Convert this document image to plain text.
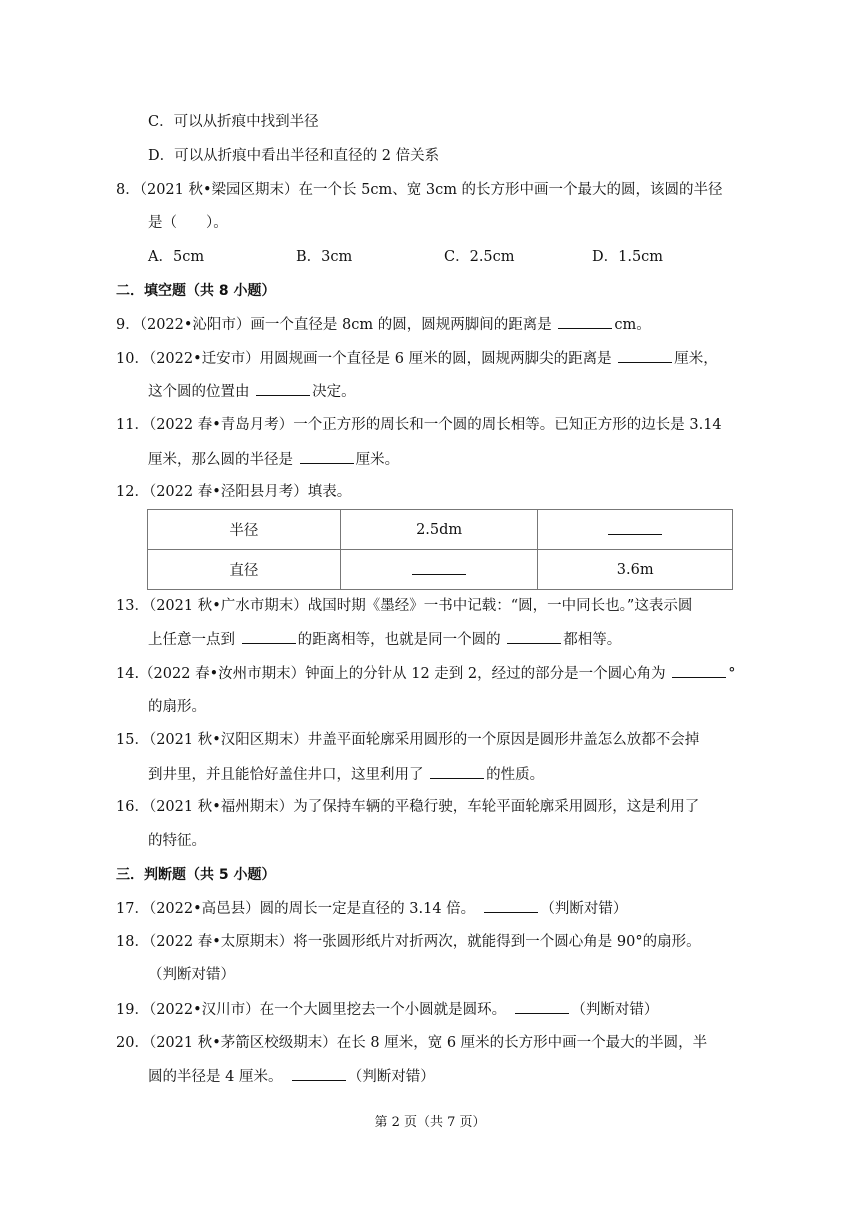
C．可以从折痕中找到半径
D．可以从折痕中看出半径和直径的 2 倍关系
8．（2021 秋•梁园区期末）在一个长 5cm、宽 3cm 的长方形中画一个最大的圆，该圆的半径
是（　　）。
A．5cm	B．3cm	C．2.5cm	D．1.5cm
二．填空题（共 8 小题）
9．（2022•沁阳市）画一个直径是 8cm 的圆，圆规两脚间的距离是	cm。
10．（2022•迁安市）用圆规画一个直径是 6 厘米的圆，圆规两脚尖的距离是	厘米，
这个圆的位置由	决定。
11．（2022 春•青岛月考）一个正方形的周长和一个圆的周长相等。已知正方形的边长是 3.14
厘米，那么圆的半径是	厘米。
12．（2022 春•泾阳县月考）填表。
半径	2.5dm	
直径		3.6m
13．（2021 秋•广水市期末）战国时期《墨经》一书中记载：“圆，一中同长也。”这表示圆
上任意一点到	的距离相等，也就是同一个圆的	都相等。
14.（2022 春•汝州市期末）钟面上的分针从 12 走到 2，经过的部分是一个圆心角为	°
的扇形。
15．（2021 秋•汉阳区期末）井盖平面轮廓采用圆形的一个原因是圆形井盖怎么放都不会掉
到井里，并且能恰好盖住井口，这里利用了	的性质。
16．（2021 秋•福州期末）为了保持车辆的平稳行驶，车轮平面轮廓采用圆形，这是利用了
的特征。
三．判断题（共 5 小题）
17．（2022•高邑县）圆的周长一定是直径的 3.14 倍。　	（判断对错）
18．（2022 春•太原期末）将一张圆形纸片对折两次，就能得到一个圆心角是 90°的扇形。
（判断对错）
19．（2022•汉川市）在一个大圆里挖去一个小圆就是圆环。　	（判断对错）
20．（2021 秋•茅箭区校级期末）在长 8 厘米，宽 6 厘米的长方形中画一个最大的半圆，半
圆的半径是 4 厘米。　	（判断对错）
第 2 页（共 7 页）
